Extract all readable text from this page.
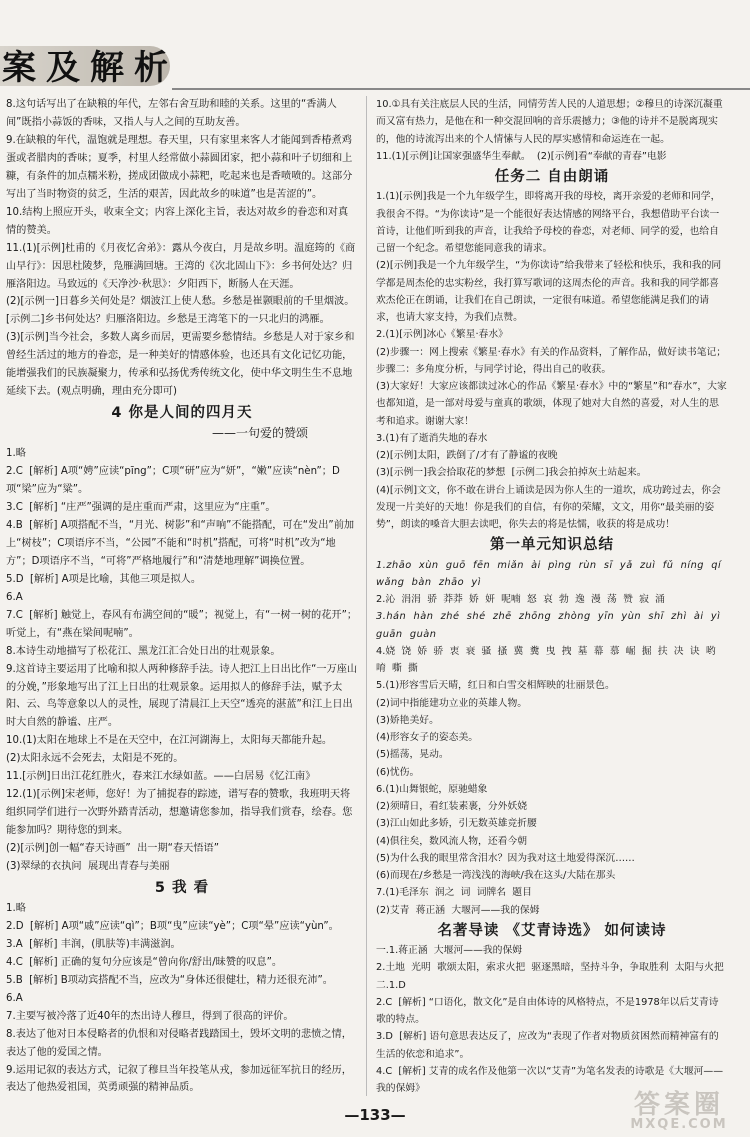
案及解析
8.这句话写出了在缺粮的年代，左邻右舍互助和睦的关系。这里的“香满人间”既指小蒜饭的香味，又指人与人之间的互助友善。
9.在缺粮的年代，温饱就是理想。春天里，只有家里来客人才能闻到香椿煮鸡蛋或者腊肉的香味；夏季，村里人经常做小蒜圆团家，把小蒜和叶子切细和上糠，有条件的加点糯米粉，搓成团做成小蒜粑，吃起来也是香喷喷的。这部分写出了当时物资的贫乏，生活的艰苦，因此故乡的味道”也是苦涩的”。
10.结构上照应开头，收束全文；内容上深化主旨，表达对故乡的眷恋和对真情的赞美。
11.(1)[示例]杜甫的《月夜忆舍弟》：露从今夜白，月是故乡明。温庭筠的《商山早行》：因思杜陵梦，凫雁满回塘。王湾的《次北固山下》：乡书何处达？归雁洛阳边。马致远的《天净沙·秋思》：夕阳西下，断肠人在天涯。
(2)[示例一]日暮乡关何处是？烟波江上使人愁。乡愁是崔颢眼前的千里烟波。[示例二]乡书何处达？归雁洛阳边。乡愁是王湾笔下的一只北归的鸿雁。
(3)[示例]当今社会，多数人离乡而居，更需要乡愁情结。乡愁是人对于家乡和曾经生活过的地方的眷恋，是一种美好的情感体验，也还具有文化记忆功能，能增强我们的民族凝聚力，传承和弘扬优秀传统文化，使中华文明生生不息地延续下去。(观点明确，理由充分即可)
4 你是人间的四月天
——一句爱的赞颂
1.略
2.C  [解析] A项“娉”应读“pīng”；C项“研”应为“妍”，“嫩”应读“nèn”；D项“梁”应为“粱”。
3.C  [解析] “庄严”强调的是庄重而严肃，这里应为“庄重”。
4.B  [解析] A项搭配不当，“月光、树影”和“声响”不能搭配，可在“发出”前加上“树枝”；C项语序不当，“公园”不能和“时机”搭配，可将“时机”改为“地方”；D项语序不当，“可将”严格地履行”和“清楚地理解”调换位置。
5.D  [解析] A项是比喻，其他三项是拟人。
6.A
7.C  [解析] 触觉上，春风有布满空间的“暖”；视觉上，有“一树一树的花开”；听觉上，有“燕在梁间呢喃”。
8.本诗生动地描写了松花江、黑龙江汇合处日出的壮观景象。
9.这首诗主要运用了比喻和拟人两种修辞手法。诗人把江上日出比作“一万座山的分娩，”形象地写出了江上日出的壮观景象。运用拟人的修辞手法，赋予太阳、云、鸟等意象以人的灵性，展现了清晨江上天空“透亮的湛蓝”和江上日出时大自然的静谧、庄严。
10.(1)太阳在地球上不是在天空中，在江河湖海上，太阳每天都能升起。
(2)太阳永远不会死去，太阳是不死的。
11.[示例]日出江花红胜火，春来江水绿如蓝。——白居易《忆江南》
12.(1)[示例]宋老师，您好！为了捕捉春的踪迹，谱写春的赞歌，我班明天将组织同学们进行一次野外踏青活动，想邀请您参加，指导我们赏春，绘春。您能参加吗？期待您的到来。
(2)[示例]创一幅“春天诗画”  出一期“春天悟语”
(3)翠绿的衣执问  展现出青春与美丽
5 我 看
1.略
2.D  [解析] A项“戚”应读“qì”；B项“曳”应读“yè”；C项“晕”应读“yùn”。
3.A  [解析] 丰润，(肌肤等)丰满滋润。
4.C  [解析] 正确的复句分应该是“曾向你/舒出/昧赞的叹息”。
5.B  [解析] B项动宾搭配不当，应改为“身体还很健壮，精力还很充沛”。
6.A
7.主要写被冷落了近40年的杰出诗人穆旦，得到了很高的评价。
8.表达了他对日本侵略者的仇恨和对侵略者践踏国土，毁坏文明的悲愤之情，表达了他的爱国之情。
9.运用记叙的表达方式，记叙了穆旦当年投笔从戎，参加远征军抗日的经历，表达了他热爱祖国，英勇顽强的精神品质。
10.①具有关注底层人民的生活，同情劳苦人民的人道思想；②穆旦的诗深沉凝重而又富有热力，是他在和一种交混回响的音乐震撼力；③他的诗并不是脱离现实的，他的诗流泻出来的个人情愫与人民的厚实感情和命运连在一起。
11.(1)[示例]让国家强盛华生奉献。  (2)[示例]看“奉献的青春”电影
任务二 自由朗诵
1.(1)[示例]我是一个九年级学生，即将离开我的母校，离开亲爱的老师和同学，我很舍不得。“为你读诗”是一个能很好表达情感的网络平台，我想借助平台读一首诗，让他们听到我的声音，让我给予母校的眷恋，对老师、同学的爱，也给自己留一个纪念。希望您能同意我的请求。
(2)[示例]我是一个九年级学生，“为你读诗”给我带来了轻松和快乐，我和我的同学都是周杰伦的忠实粉丝，我打算写歌词的这周杰伦的声音。我和我的同学都喜欢杰伦正在朗诵，让我们在自己朗读，一定很有味道。希望您能满足我们的请求，也请大家支持，为我们点赞。
2.(1)[示例]冰心《繁星·春水》
(2)步骤一：网上搜索《繁星·春水》有关的作品资料，了解作品，做好读书笔记；步骤二：多角度分析，与同学讨论，得出自己的收获。
(3)大家好！大家应该都读过冰心的作品《繁星·春水》中的“繁星”和“春水”，大家也都知道，是一部对母爱与童真的歌颂，体现了她对大自然的喜爱，对人生的思考和追求。谢谢大家！
3.(1)有了逝消失地的春水
(2)[示例]太阳，跌倒了/才有了静谧的夜晚
(3)[示例一]我会拾取花的梦想  [示例二]我会拍掉灰土站起来。
(4)[示例]文文，你不敢在讲台上诵读是因为你人生的一道坎，成功跨过去，你会发现一片美好的天地！你是我们的自信，有你的荣耀，文文，用你“最美丽的姿势”，朗读的嗓音大胆去读吧，你失去的将是怯懦，收获的将是成功！
第一单元知识总结
1.zhāo  xùn  guō  fēn  miǎn  ài  pìng  rùn  sī  yǎ  zuì  fǔ  níng  qí  wǎng  bàn  zhāo  yì
2.沁  涓涓  骄  莽莽  娇  妍  呢喃  怒  哀  勃  逸  漫  荡  赞  寂  涌
3.hán  hàn  zhé  shé  zhē  zhōng  zhòng  yīn  yùn  shī  zhì  ài  yì  guān  guàn
4.娆  饶  娇  骄  衷  衰  骚  搔  冀  糞  曳  拽  墓  幕  慕  崛  掘  扶  决  诀  哟  唷  嘶  撕
5.(1)形容雪后天晴，红日和白雪交相辉映的壮丽景色。
(2)词中指能建功立业的英雄人物。
(3)娇艳美好。
(4)形容女子的姿态美。
(5)摇荡，晃动。
(6)忧伤。
6.(1)山舞银蛇，原驰蜡象
(2)须晴日，看红装素裹，分外妖娆
(3)江山如此多娇，引无数英雄竞折腰
(4)俱往矣，数风流人物，还看今朝
(5)为什么我的眼里常含泪水？因为我对这土地爱得深沉……
(6)而现在/乡愁是一湾浅浅的海峡/我在这头/大陆在那头
7.(1)毛泽东  润之  词  词牌名  题目
(2)艾青  蒋正涵  大堰河——我的保姆
名著导读 《艾青诗选》 如何读诗
一.1.蒋正涵  大堰河——我的保姆
2.土地  光明  歌颂太阳，索求火把  驱逐黑暗，坚持斗争，争取胜利  太阳与火把
二.1.D
2.C  [解析] “口语化，散文化”是自由体诗的风格特点，不是1978年以后艾青诗歌的特点。
3.D  [解析] 语句意思表达反了，应改为“表现了作者对物质贫困然而精神富有的生活的依恋和追求”。
4.C  [解析] 艾青的成名作及他第一次以“艾青”为笔名发表的诗歌是《大堰河——我的保姆》
—133—	答案圈
MXQE.COM
